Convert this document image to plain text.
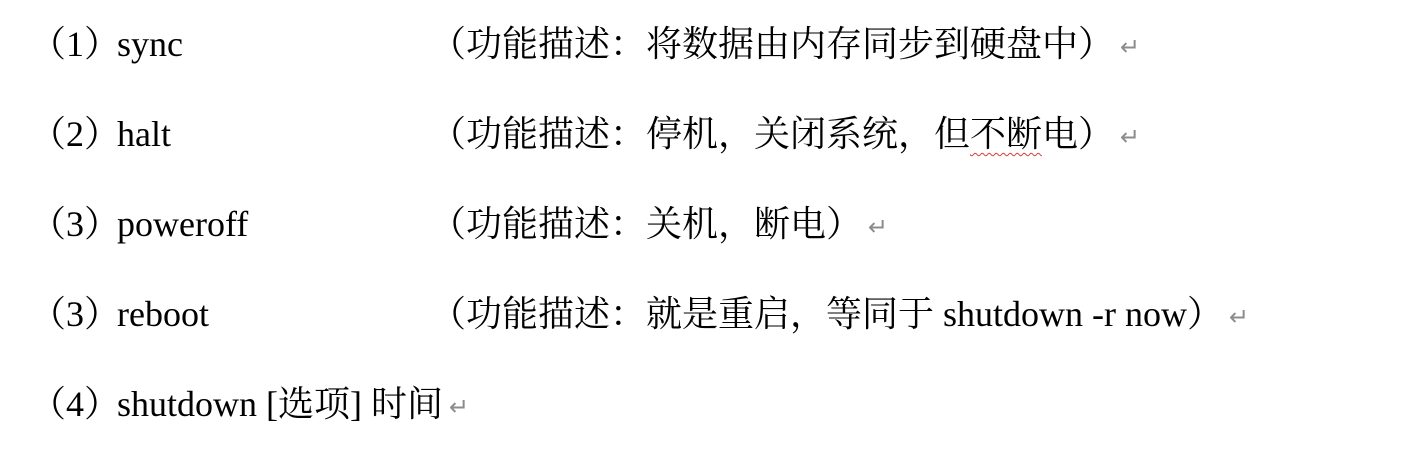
（1）
sync	（功能描述：将数据由内存同步到硬盘中） ↵
（2）
halt	（功能描述：停机，关闭系统，但不断电） ↵
（3）
poweroff	（功能描述：关机，断电） ↵
（3）
reboot	（功能描述：就是重启，等同于 shutdown -r now） ↵
（4）
shutdown [选项] 时间 ↵
